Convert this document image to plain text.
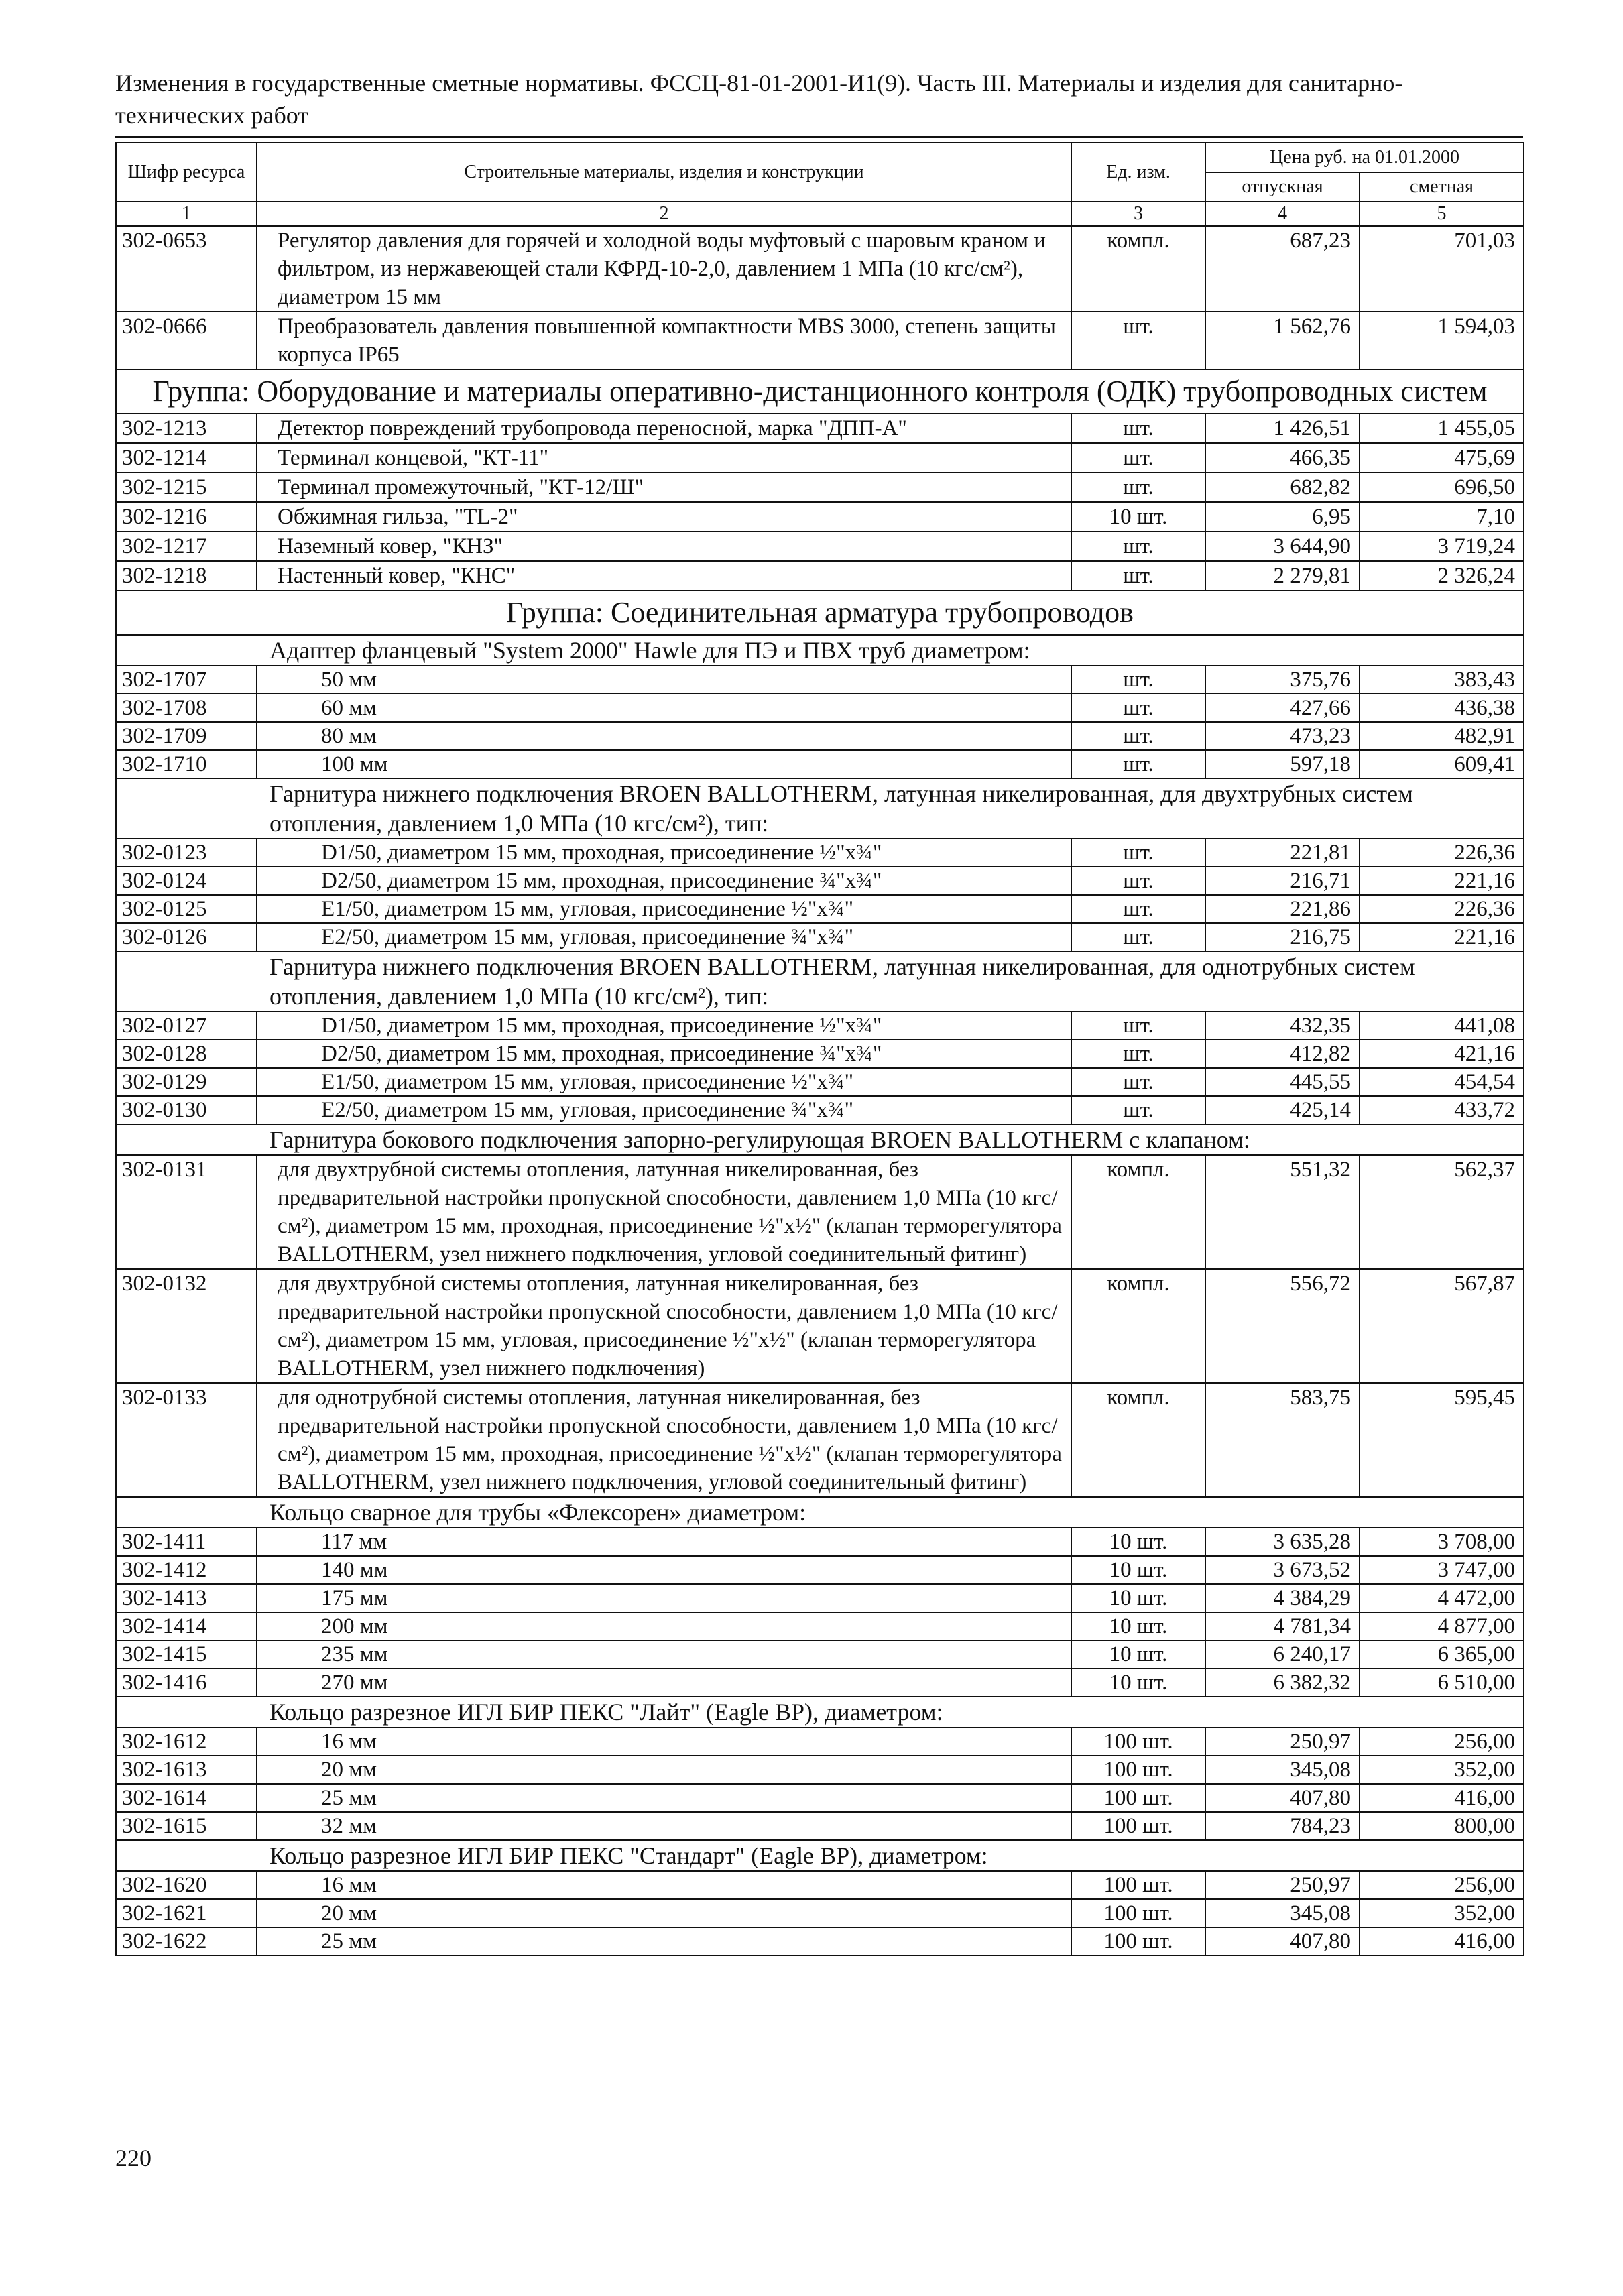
Изменения в государственные сметные нормативы. ФССЦ-81-01-2001-И1(9). Часть III. Материалы и изделия для санитарно-технических работ
Шифр ресурса	Строительные материалы, изделия и конструкции	Ед. изм.	Цена руб. на 01.01.2000	
			отпускная	сметная
1	2	3	4	5
302-0653	Регулятор давления для горячей и холодной воды муфтовый с шаровым краном и фильтром, из нержавеющей стали КФРД-10-2,0, давлением 1 МПа (10 кгс/см²), диаметром 15 мм	компл.	687,23	701,03
302-0666	Преобразователь давления повышенной компактности MBS 3000, степень защиты корпуса IP65	шт.	1 562,76	1 594,03
Группа: Оборудование и материалы оперативно-дистанционного контроля (ОДК) трубопроводных систем				
302-1213	Детектор повреждений трубопровода переносной, марка "ДПП-А"	шт.	1 426,51	1 455,05
302-1214	Терминал концевой, "КТ-11"	шт.	466,35	475,69
302-1215	Терминал промежуточный, "КТ-12/Ш"	шт.	682,82	696,50
302-1216	Обжимная гильза, "TL-2"	10 шт.	6,95	7,10
302-1217	Наземный ковер, "КНЗ"	шт.	3 644,90	3 719,24
302-1218	Настенный ковер, "КНС"	шт.	2 279,81	2 326,24
Группа: Соединительная арматура трубопроводов				
Адаптер фланцевый "System 2000" Hawle для ПЭ и ПВХ труб диаметром:				
302-1707	50 мм	шт.	375,76	383,43
302-1708	60 мм	шт.	427,66	436,38
302-1709	80 мм	шт.	473,23	482,91
302-1710	100 мм	шт.	597,18	609,41
Гарнитура нижнего подключения BROEN BALLOTHERM, латунная никелированная, для двухтрубных систем отопления, давлением 1,0 МПа (10 кгс/см²), тип:				
302-0123	D1/50, диаметром 15 мм, проходная, присоединение ½"x¾"	шт.	221,81	226,36
302-0124	D2/50, диаметром 15 мм, проходная, присоединение ¾"x¾"	шт.	216,71	221,16
302-0125	E1/50, диаметром 15 мм, угловая, присоединение ½"x¾"	шт.	221,86	226,36
302-0126	E2/50, диаметром 15 мм, угловая, присоединение ¾"x¾"	шт.	216,75	221,16
Гарнитура нижнего подключения BROEN BALLOTHERM, латунная никелированная, для однотрубных систем отопления, давлением 1,0 МПа (10 кгс/см²), тип:				
302-0127	D1/50, диаметром 15 мм, проходная, присоединение ½"x¾"	шт.	432,35	441,08
302-0128	D2/50, диаметром 15 мм, проходная, присоединение ¾"x¾"	шт.	412,82	421,16
302-0129	E1/50, диаметром 15 мм, угловая, присоединение ½"x¾"	шт.	445,55	454,54
302-0130	E2/50, диаметром 15 мм, угловая, присоединение ¾"x¾"	шт.	425,14	433,72
Гарнитура бокового подключения запорно-регулирующая BROEN BALLOTHERM с клапаном:				
302-0131	для двухтрубной системы отопления, латунная никелированная, без предварительной настройки пропускной способности, давлением 1,0 МПа (10 кгс/см²), диаметром 15 мм, проходная, присоединение ½"x½" (клапан терморегулятора BALLOTHERM, узел нижнего подключения, угловой соединительный фитинг)	компл.	551,32	562,37
302-0132	для двухтрубной системы отопления, латунная никелированная, без предварительной настройки пропускной способности, давлением 1,0 МПа (10 кгс/см²), диаметром 15 мм, угловая, присоединение ½"x½" (клапан терморегулятора BALLOTHERM, узел нижнего подключения)	компл.	556,72	567,87
302-0133	для однотрубной системы отопления, латунная никелированная, без предварительной настройки пропускной способности, давлением 1,0 МПа (10 кгс/см²), диаметром 15 мм, проходная, присоединение ½"x½" (клапан терморегулятора BALLOTHERM, узел нижнего подключения, угловой соединительный фитинг)	компл.	583,75	595,45
Кольцо сварное для трубы «Флексорен» диаметром:				
302-1411	117 мм	10 шт.	3 635,28	3 708,00
302-1412	140 мм	10 шт.	3 673,52	3 747,00
302-1413	175 мм	10 шт.	4 384,29	4 472,00
302-1414	200 мм	10 шт.	4 781,34	4 877,00
302-1415	235 мм	10 шт.	6 240,17	6 365,00
302-1416	270 мм	10 шт.	6 382,32	6 510,00
Кольцо разрезное ИГЛ БИР ПЕКС "Лайт" (Eagle BP), диаметром:				
302-1612	16 мм	100 шт.	250,97	256,00
302-1613	20 мм	100 шт.	345,08	352,00
302-1614	25 мм	100 шт.	407,80	416,00
302-1615	32 мм	100 шт.	784,23	800,00
Кольцо разрезное ИГЛ БИР ПЕКС "Стандарт" (Eagle BP), диаметром:				
302-1620	16 мм	100 шт.	250,97	256,00
302-1621	20 мм	100 шт.	345,08	352,00
302-1622	25 мм	100 шт.	407,80	416,00
220
